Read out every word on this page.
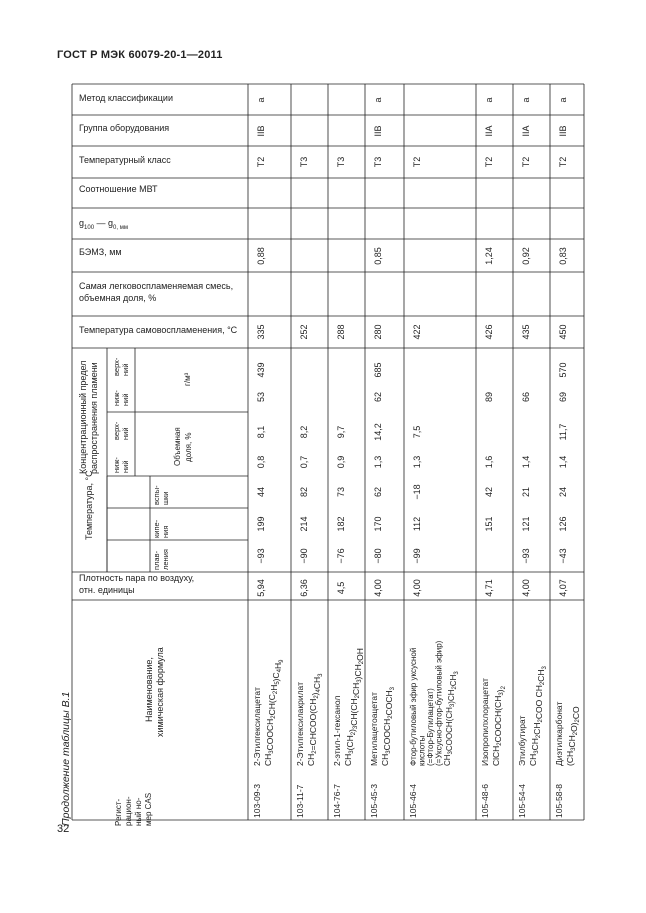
ГОСТ Р МЭК 60079-20-1—2011
32
Продолжение таблицы В.1
Метод классификации
Группа оборудования
Температурный класс
Соотношение МВТ
$g_{100}$ — $g_{0, мм}$
БЭМЗ, мм
Самая легковоспламеняемая смесь,
объемная доля, %
Температура самовоспламенения, °С
Плотность пара по воздуху,
отн. единицы
Концентрационный предел распространения пламени ниж- ний
верх- ний
ниж- ний
верх- ний
г/м³
Объемная доля, %
Температура, °С	вспы- шки
кипе- ния
плав- ления
Наименование, химическая формула
Регист- рацион- ный но- мер CAS
a
IIB
T2
0,88
335
439
53
8,1
0,8
44
199
−93
5,94
2-Этилгексилацетат $CH_3COOCH_2CH(C_2H_5)C_4H_9$
103-09-3
T3
252
8,2
0,7
82
214
−90
6,36
2-Этилгексилакрилат $CH_2=CHCOO(CH_2)_4CH_3$
103-11-7
T3
288
9,7
0,9
73
182
−76
4,5
2-этил-1-гексанол $CH_3(CH_2)_3CH(CH_2CH_3)CH_2OH$
104-76-7
a
IIB
T3
0,85
280
685
62
14,2
1,3
62
170
−80
4,00
Метилацетоацетат $CH_3COOCH_2COCH_3$
105-45-3
T2
422
7,5
1,3
−18
112
−99
4,00
Фтор-бутиловый эфир уксусной кислоты (=Фтор-Бутилацетат) (=Уксусно-фтор-бутиловый эфир) $CH_3COOCH(CH_3)CH_2CH_3$
105-46-4
a
IIA
T2
1,24
426
89
1,6
42
151
4,71
Изопропилхлорацетат $ClCH_2COOCH(CH_3)_2$
105-48-6
a
IIA
T2
0,92
435
66
1,4
21
121
−93
4,00
Этилбутират $CH_3CH_2CH_2COO$ $CH_2CH_3$
105-54-4
a
IIB
T2
0,83
450
570
69
11,7
1,4
24
126
−43
4,07
Диэтилкарбонат $(CH_3CH_2O)_2CO$
105-58-8
